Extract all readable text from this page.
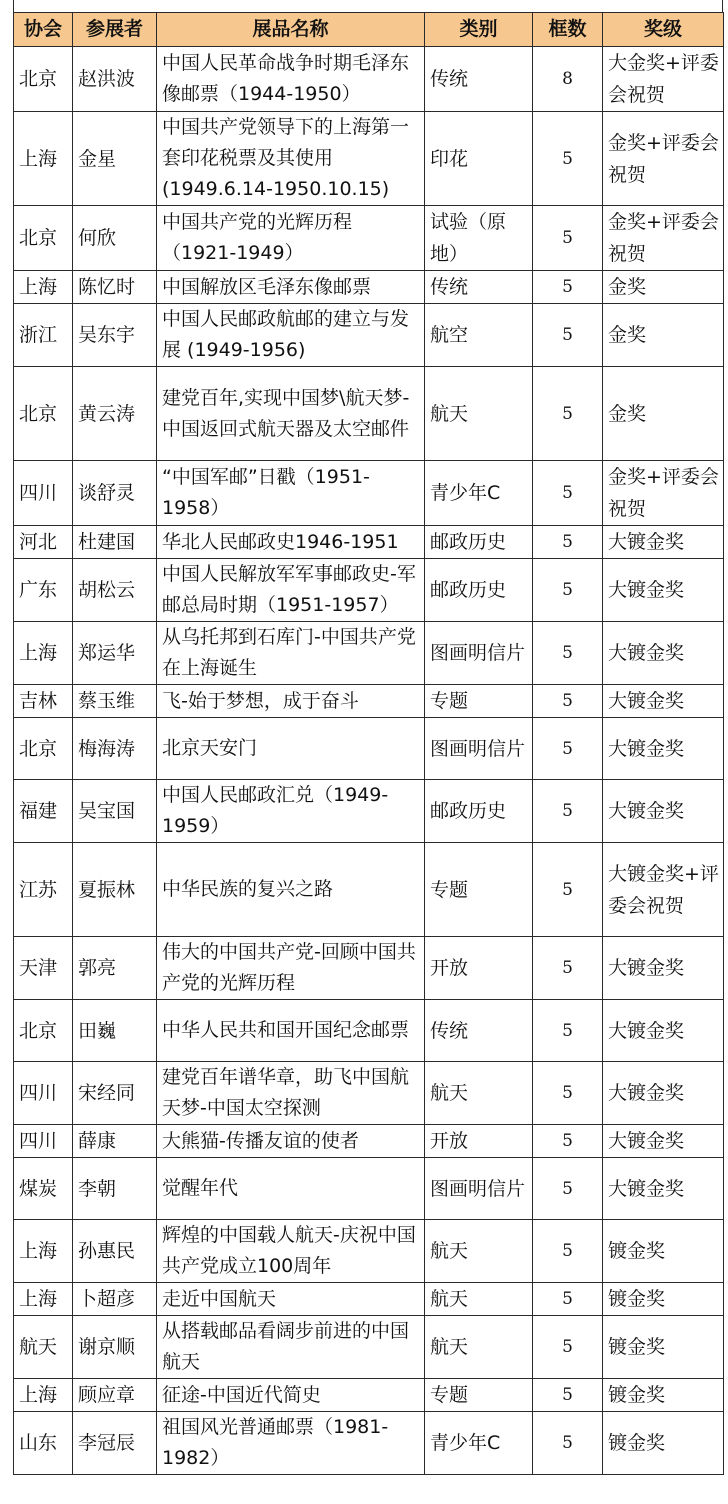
协会	参展者	展品名称	类别	框数	奖级
北京	赵洪波	中国人民革命战争时期毛泽东像邮票（1944-1950）	传统	8	大金奖+评委会祝贺
上海	金星	中国共产党领导下的上海第一套印花税票及其使用(1949.6.14-1950.10.15)	印花	5	金奖+评委会祝贺
北京	何欣	中国共产党的光辉历程（1921-1949）	试验（原地）	5	金奖+评委会祝贺
上海	陈忆时	中国解放区毛泽东像邮票	传统	5	金奖
浙江	吴东宇	中国人民邮政航邮的建立与发展 (1949-1956)	航空	5	金奖
北京	黄云涛	建党百年,实现中国梦\航天梦-中国返回式航天器及太空邮件	航天	5	金奖
四川	谈舒灵	“中国军邮”日戳（1951-1958）	青少年C	5	金奖+评委会祝贺
河北	杜建国	华北人民邮政史1946-1951	邮政历史	5	大镀金奖
广东	胡松云	中国人民解放军军事邮政史-军邮总局时期（1951-1957）	邮政历史	5	大镀金奖
上海	郑运华	从乌托邦到石库门-中国共产党在上海诞生	图画明信片	5	大镀金奖
吉林	蔡玉维	飞-始于梦想，成于奋斗	专题	5	大镀金奖
北京	梅海涛	北京天安门	图画明信片	5	大镀金奖
福建	吴宝国	中国人民邮政汇兑（1949-1959）	邮政历史	5	大镀金奖
江苏	夏振林	中华民族的复兴之路	专题	5	大镀金奖+评委会祝贺
天津	郭亮	伟大的中国共产党-回顾中国共产党的光辉历程	开放	5	大镀金奖
北京	田巍	中华人民共和国开国纪念邮票	传统	5	大镀金奖
四川	宋经同	建党百年谱华章，助飞中国航天梦-中国太空探测	航天	5	大镀金奖
四川	薛康	大熊猫-传播友谊的使者	开放	5	大镀金奖
煤炭	李朝	觉醒年代	图画明信片	5	大镀金奖
上海	孙惠民	辉煌的中国载人航天-庆祝中国共产党成立100周年	航天	5	镀金奖
上海	卜超彦	走近中国航天	航天	5	镀金奖
航天	谢京顺	从搭载邮品看阔步前进的中国航天	航天	5	镀金奖
上海	顾应章	征途-中国近代简史	专题	5	镀金奖
山东	李冠辰	祖国风光普通邮票（1981-1982）	青少年C	5	镀金奖
